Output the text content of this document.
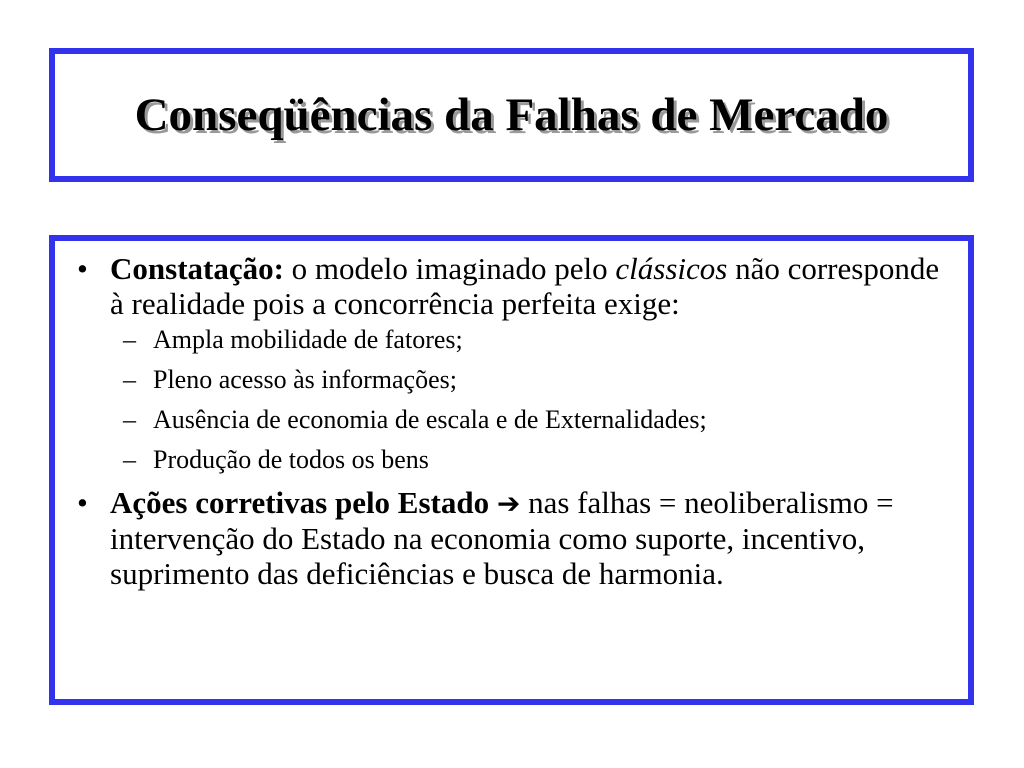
Conseqüências da Falhas de Mercado
• Constatação: o modelo imaginado pelo clássicos não corresponde à realidade pois a concorrência perfeita exige:
– Ampla mobilidade de fatores;
– Pleno acesso às informações;
– Ausência de economia de escala e de Externalidades;
– Produção de todos os bens
• Ações corretivas pelo Estado ➔ nas falhas = neoliberalismo = intervenção do Estado na economia como suporte, incentivo, suprimento das deficiências e busca de harmonia.
